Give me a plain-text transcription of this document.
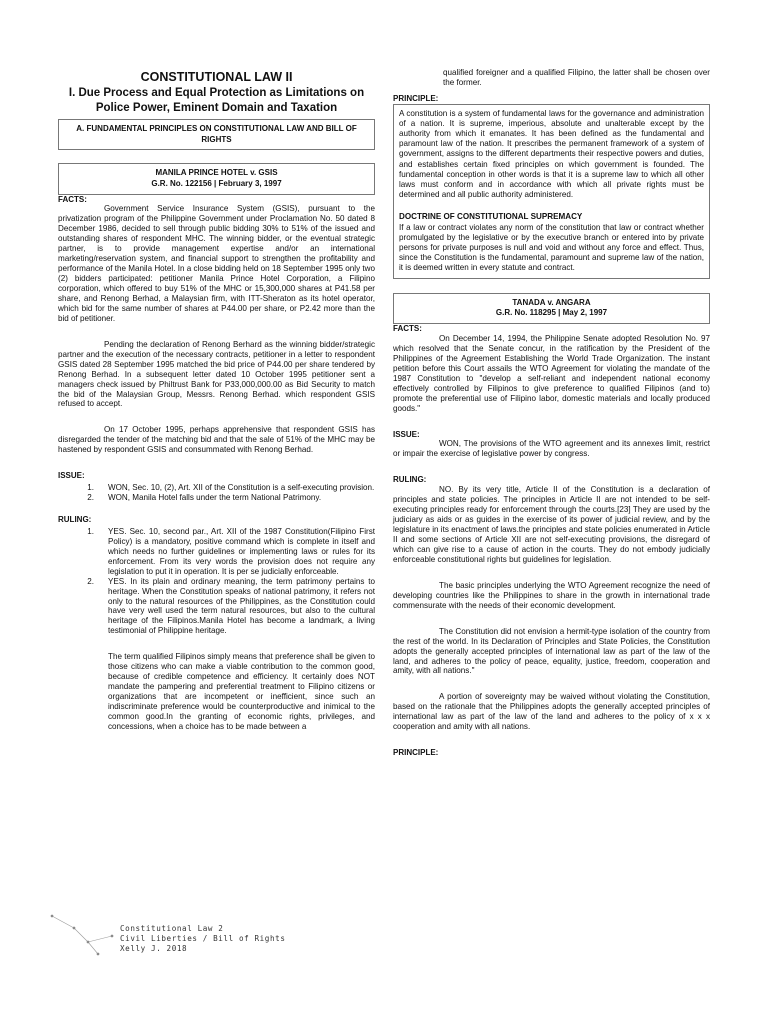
CONSTITUTIONAL LAW II
I. Due Process and Equal Protection as Limitations on Police Power, Eminent Domain and Taxation
A. FUNDAMENTAL PRINCIPLES ON CONSTITUTIONAL LAW AND BILL OF RIGHTS
MANILA PRINCE HOTEL v. GSIS
G.R. No. 122156 | February 3, 1997
FACTS:

Government Service Insurance System (GSIS), pursuant to the privatization program of the Philippine Government under Proclamation No. 50 dated 8 December 1986, decided to sell through public bidding 30% to 51% of the issued and outstanding shares of respondent MHC. The winning bidder, or the eventual strategic partner, is to provide management expertise and/or an international marketing/reservation system, and financial support to strengthen the profitability and performance of the Manila Hotel. In a close bidding held on 18 September 1995 only two (2) bidders participated: petitioner Manila Prince Hotel Corporation, a Filipino corporation, which offered to buy 51% of the MHC or 15,300,000 shares at P41.58 per share, and Renong Berhad, a Malaysian firm, with ITT-Sheraton as its hotel operator, which bid for the same number of shares at P44.00 per share, or P2.42 more than the bid of petitioner.

Pending the declaration of Renong Berhard as the winning bidder/strategic partner and the execution of the necessary contracts, petitioner in a letter to respondent GSIS dated 28 September 1995 matched the bid price of P44.00 per share tendered by Renong Berhad. In a subsequent letter dated 10 October 1995 petitioner sent a managers check issued by Philtrust Bank for P33,000,000.00 as Bid Security to match the bid of the Malaysian Group, Messrs. Renong Berhad. which respondent GSIS refused to accept.

On 17 October 1995, perhaps apprehensive that respondent GSIS has disregarded the tender of the matching bid and that the sale of 51% of the MHC may be hastened by respondent GSIS and consummated with Renong Berhad.

ISSUE:
1.	WON, Sec. 10, (2), Art. XII of the Constitution is a self-executing provision.
2.	WON, Manila Hotel falls under the term National Patrimony.
RULING:
1.	YES. Sec. 10, second par., Art. XII of the 1987 Constitution(Filipino First Policy) is a mandatory, positive command which is complete in itself and which needs no further guidelines or implementing laws or rules for its enforcement. From its very words the provision does not require any legislation to put it in operation. It is per se judicially enforceable.
2.	YES. In its plain and ordinary meaning, the term patrimony pertains to heritage. When the Constitution speaks of national patrimony, it refers not only to the natural resources of the Philippines, as the Constitution could have very well used the term natural resources, but also to the cultural heritage of the Filipinos.Manila Hotel has become a landmark, a living testimonial of Philippine heritage.

The term qualified Filipinos simply means that preference shall be given to those citizens who can make a viable contribution to the common good, because of credible competence and efficiency. It certainly does NOT mandate the pampering and preferential treatment to Filipino citizens or organizations that are incompetent or inefficient, since such an indiscriminate preference would be counterproductive and inimical to the common good.In the granting of economic rights, privileges, and concessions, when a choice has to be made between a

qualified foreigner and a qualified Filipino, the latter shall be chosen over the former.

PRINCIPLE:

A constitution is a system of fundamental laws for the governance and administration of a nation. It is supreme, imperious, absolute and unalterable except by the authority from which it emanates. It has been defined as the fundamental and paramount law of the nation. It prescribes the permanent framework of a system of government, assigns to the different departments their respective powers and duties, and establishes certain fixed principles on which government is founded. The fundamental conception in other words is that it is a supreme law to which all other laws must conform and in accordance with which all private rights must be determined and all public authority administered.

DOCTRINE OF CONSTITUTIONAL SUPREMACY

If a law or contract violates any norm of the constitution that law or contract whether promulgated by the legislative or by the executive branch or entered into by private persons for private purposes is null and void and without any force and effect. Thus, since the Constitution is the fundamental, paramount and supreme law of the nation, it is deemed written in every statute and contract.

TANADA v. ANGARA
G.R. No. 118295 | May 2, 1997
FACTS:

On December 14, 1994, the Philippine Senate adopted Resolution No. 97 which resolved that the Senate concur, in the ratification by the President of the Philippines of the Agreement Establishing the World Trade Organization. The instant petition before this Court assails the WTO Agreement for violating the mandate of the 1987 Constitution to "develop a self-reliant and independent national economy effectively controlled by Filipinos to give preference to qualified Filipinos (and to) promote the preferential use of Filipino labor, domestic materials and locally produced goods."

ISSUE:

WON, The provisions of the WTO agreement and its annexes limit, restrict or impair the exercise of legislative power by congress.

RULING:

NO. By its very title, Article II of the Constitution is a declaration of principles and state policies. The principles in Article II are not intended to be self-executing principles ready for enforcement through the courts.[23] They are used by the judiciary as aids or as guides in the exercise of its power of judicial review, and by the legislature in its enactment of laws.the principles and state policies enumerated in Article II and some sections of Article XII are not self-executing provisions, the disregard of which can give rise to a cause of action in the courts. They do not embody judicially enforceable constitutional rights but guidelines for legislation.

The basic principles underlying the WTO Agreement recognize the need of developing countries like the Philippines to share in the growth in international trade commensurate with the needs of their economic development.

The Constitution did not envision a hermit-type isolation of the country from the rest of the world. In its Declaration of Principles and State Policies, the Constitution adopts the generally accepted principles of international law as part of the law of the land, and adheres to the policy of peace, equality, justice, freedom, cooperation and amity, with all nations."

A portion of sovereignty may be waived without violating the Constitution, based on the rationale that the Philippines adopts the generally accepted principles of international law as part of the law of the land and adheres to the policy of x x x cooperation and amity with all nations.

PRINCIPLE:
Constitutional Law 2
Civil Liberties / Bill of Rights
Xelly J. 2018
